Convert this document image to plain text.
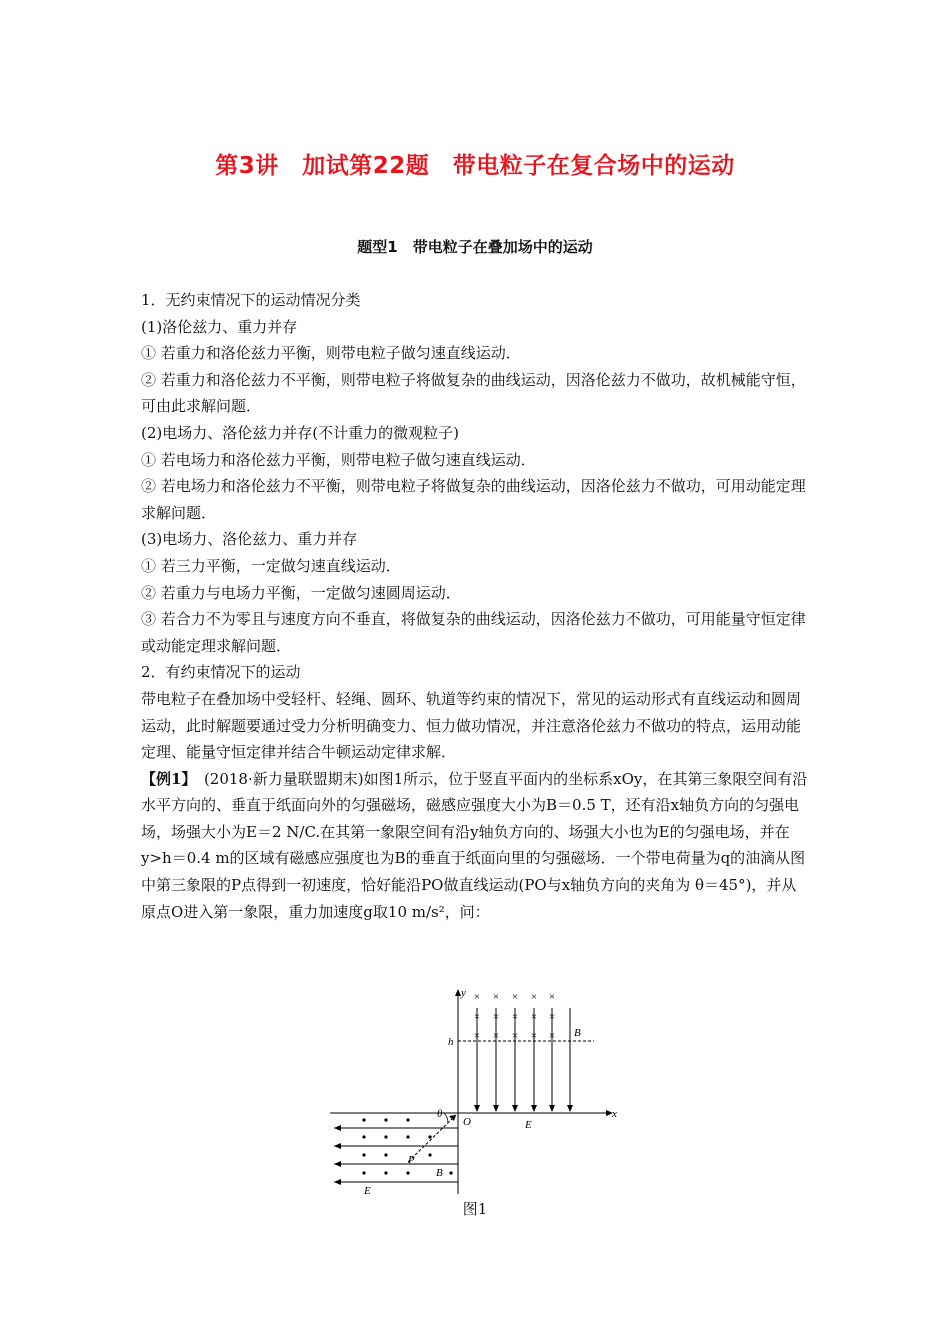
第3讲　加试第22题　带电粒子在复合场中的运动
题型1　带电粒子在叠加场中的运动

1．无约束情况下的运动情况分类

(1)洛伦兹力、重力并存

① 若重力和洛伦兹力平衡，则带电粒子做匀速直线运动．

② 若重力和洛伦兹力不平衡，则带电粒子将做复杂的曲线运动，因洛伦兹力不做功，故机械能守恒，可由此求解问题．

(2)电场力、洛伦兹力并存(不计重力的微观粒子)

① 若电场力和洛伦兹力平衡，则带电粒子做匀速直线运动．

② 若电场力和洛伦兹力不平衡，则带电粒子将做复杂的曲线运动，因洛伦兹力不做功，可用动能定理求解问题．

(3)电场力、洛伦兹力、重力并存

① 若三力平衡，一定做匀速直线运动．

② 若重力与电场力平衡，一定做匀速圆周运动．

③ 若合力不为零且与速度方向不垂直，将做复杂的曲线运动，因洛伦兹力不做功，可用能量守恒定律或动能定理求解问题．

2．有约束情况下的运动

带电粒子在叠加场中受轻杆、轻绳、圆环、轨道等约束的情况下，常见的运动形式有直线运动和圆周运动，此时解题要通过受力分析明确变力、恒力做功情况，并注意洛伦兹力不做功的特点，运用动能定理、能量守恒定律并结合牛顿运动定律求解．

【例1】　(2018·新力量联盟期末)如图1所示，位于竖直平面内的坐标系xOy，在其第三象限空间有沿水平方向的、垂直于纸面向外的匀强磁场，磁感应强度大小为B＝0.5 T，还有沿x轴负方向的匀强电场，场强大小为E＝2 N/C.在其第一象限空间有沿y轴负方向的、场强大小也为E的匀强电场，并在y>h＝0.4 m的区域有磁感应强度也为B的垂直于纸面向里的匀强磁场．一个带电荷量为q的油滴从图中第三象限的P点得到一初速度，恰好能沿PO做直线运动(PO与x轴负方向的夹角为 θ＝45°)，并从原点O进入第一象限，重力加速度g取10 m/s²，问：

× × × × ×
× × × × ×
× × × × ×
y
x
h
O	E
B
θ
P
B
E
图1
